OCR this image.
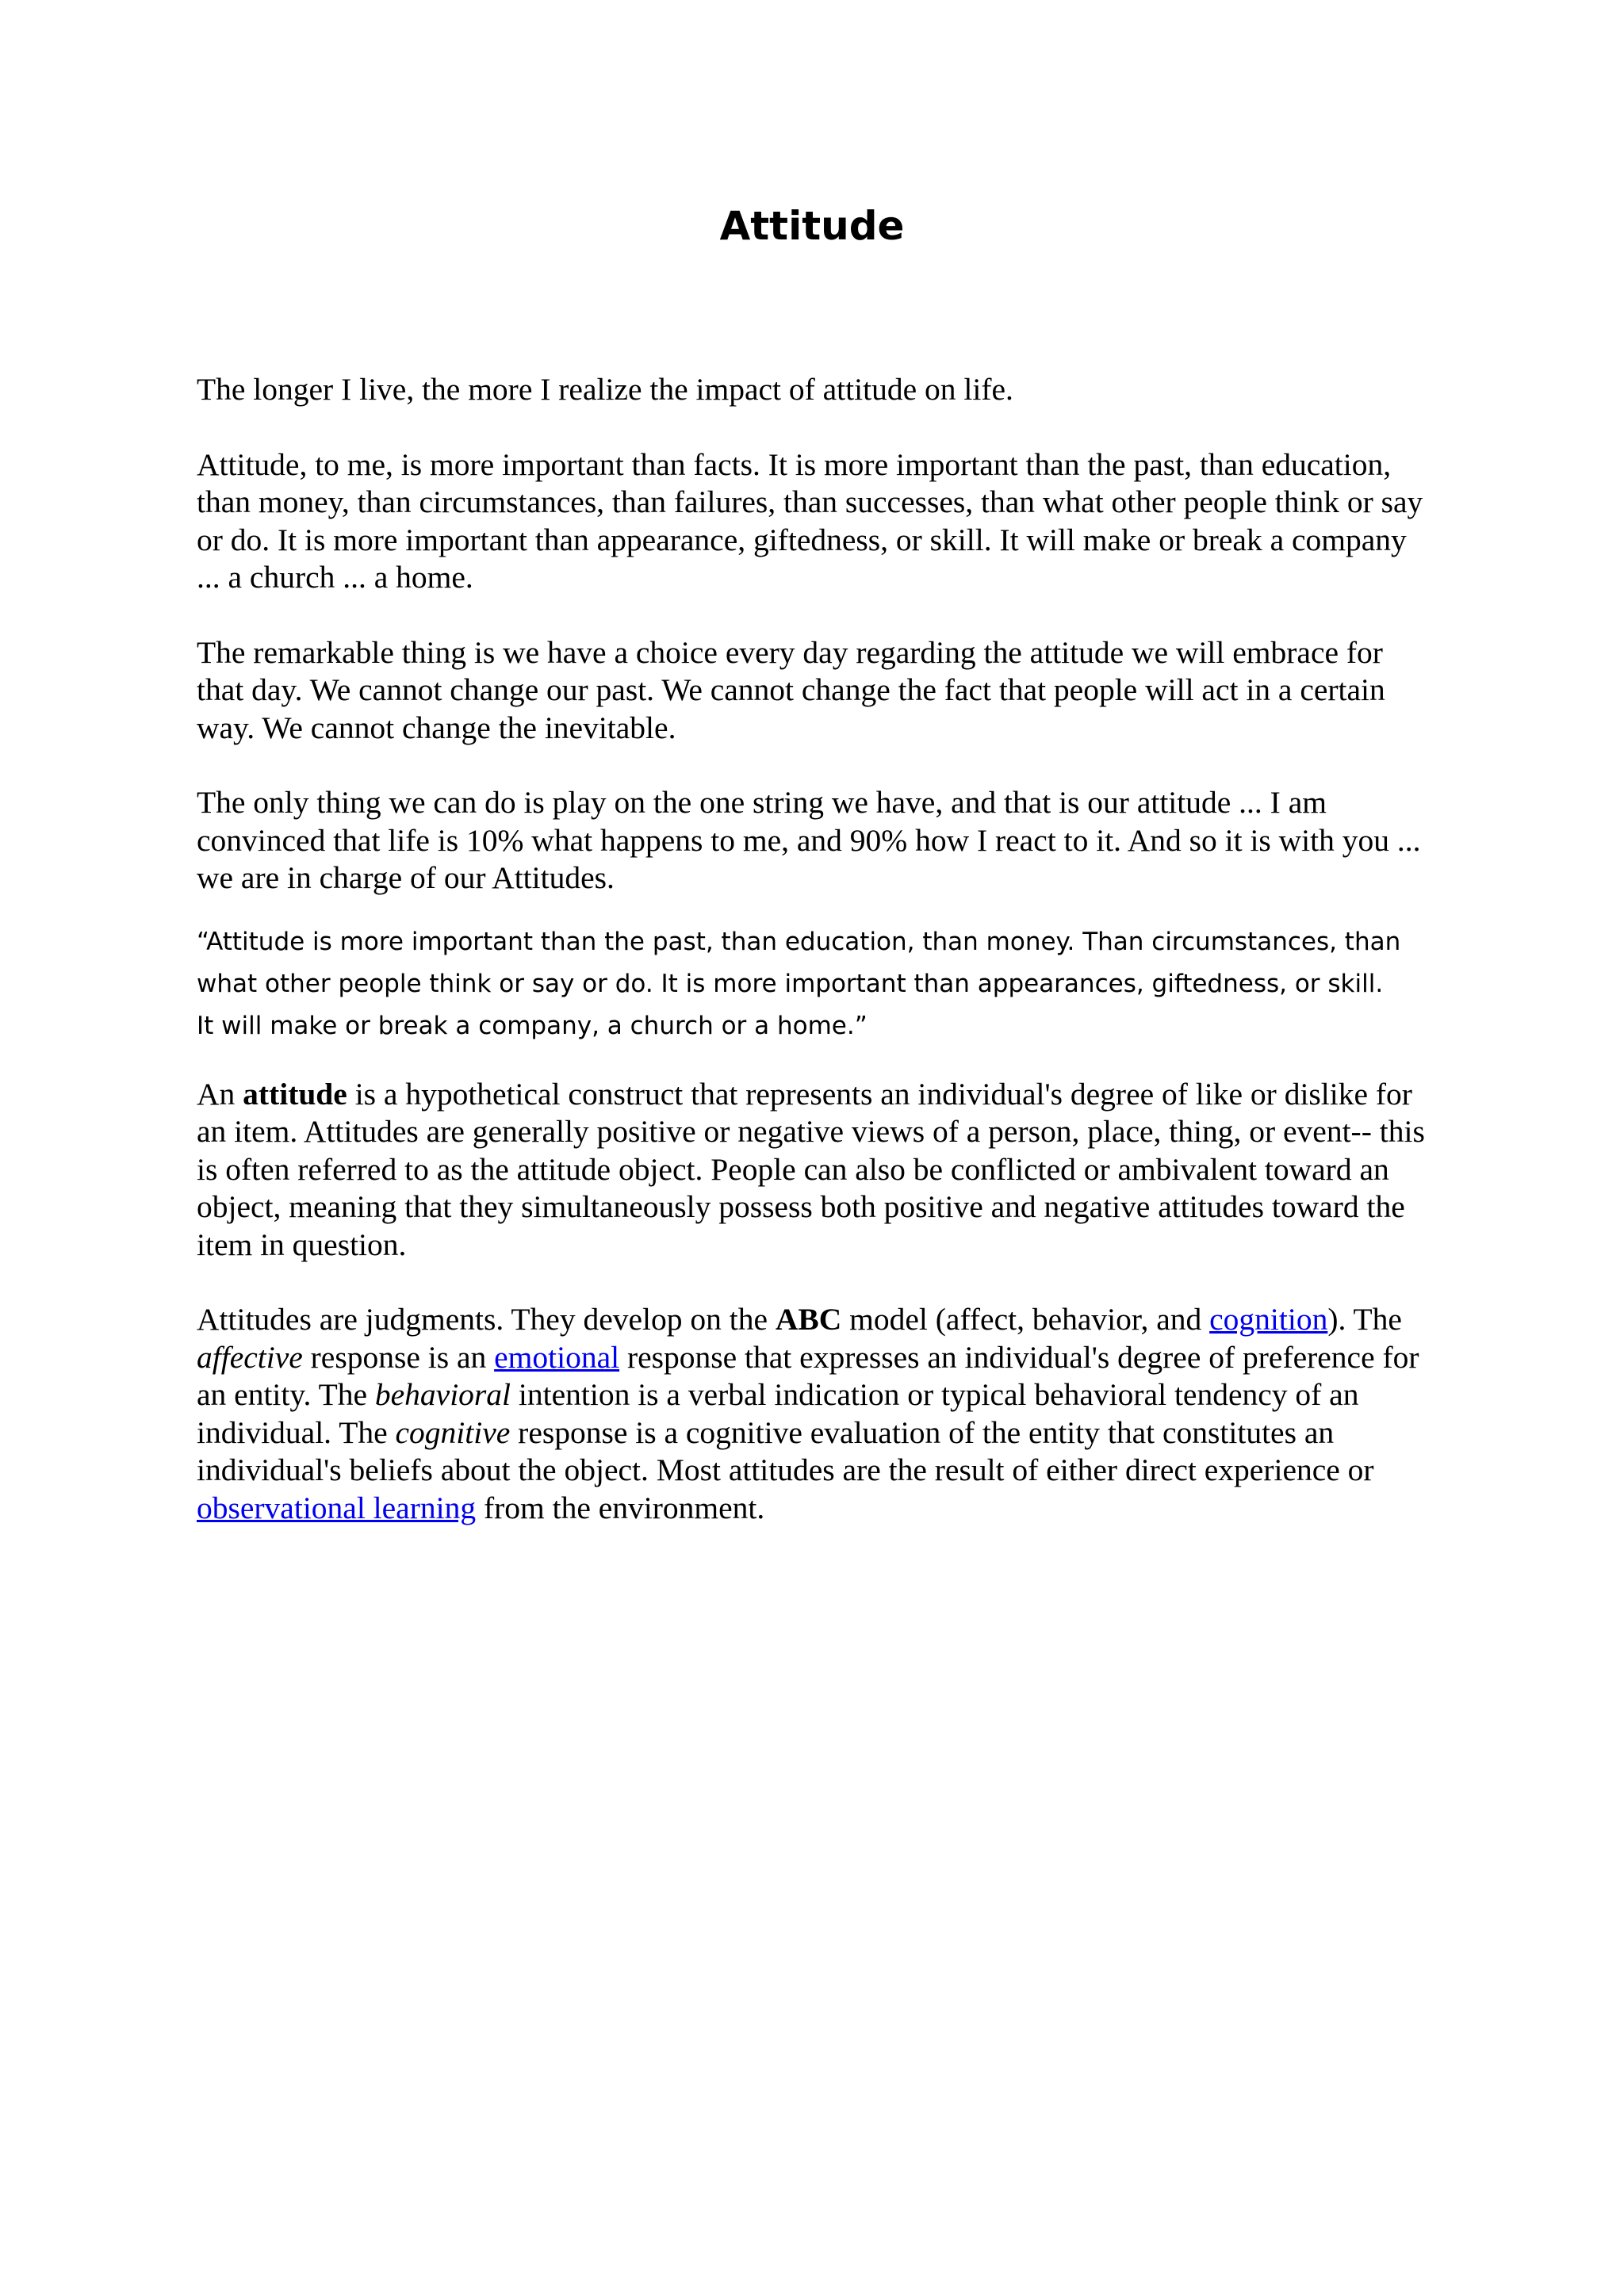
Attitude

The longer I live, the more I realize the impact of attitude on life.

Attitude, to me, is more important than facts. It is more important than the past, than education, than money, than circumstances, than failures, than successes, than what other people think or say or do. It is more important than appearance, giftedness, or skill. It will make or break a company ... a church ... a home.

The remarkable thing is we have a choice every day regarding the attitude we will embrace for that day. We cannot change our past. We cannot change the fact that people will act in a certain way. We cannot change the inevitable.

The only thing we can do is play on the one string we have, and that is our attitude ... I am convinced that life is 10% what happens to me, and 90% how I react to it. And so it is with you ... we are in charge of our Attitudes.

“Attitude is more important than the past, than education, than money. Than circumstances, than what other people think or say or do. It is more important than appearances, giftedness, or skill. It will make or break a company, a church or a home.”

An attitude is a hypothetical construct that represents an individual's degree of like or dislike for an item. Attitudes are generally positive or negative views of a person, place, thing, or event-- this is often referred to as the attitude object. People can also be conflicted or ambivalent toward an object, meaning that they simultaneously possess both positive and negative attitudes toward the item in question.

Attitudes are judgments. They develop on the ABC model (affect, behavior, and cognition). The affective response is an emotional response that expresses an individual's degree of preference for an entity. The behavioral intention is a verbal indication or typical behavioral tendency of an individual. The cognitive response is a cognitive evaluation of the entity that constitutes an individual's beliefs about the object. Most attitudes are the result of either direct experience or observational learning from the environment.
